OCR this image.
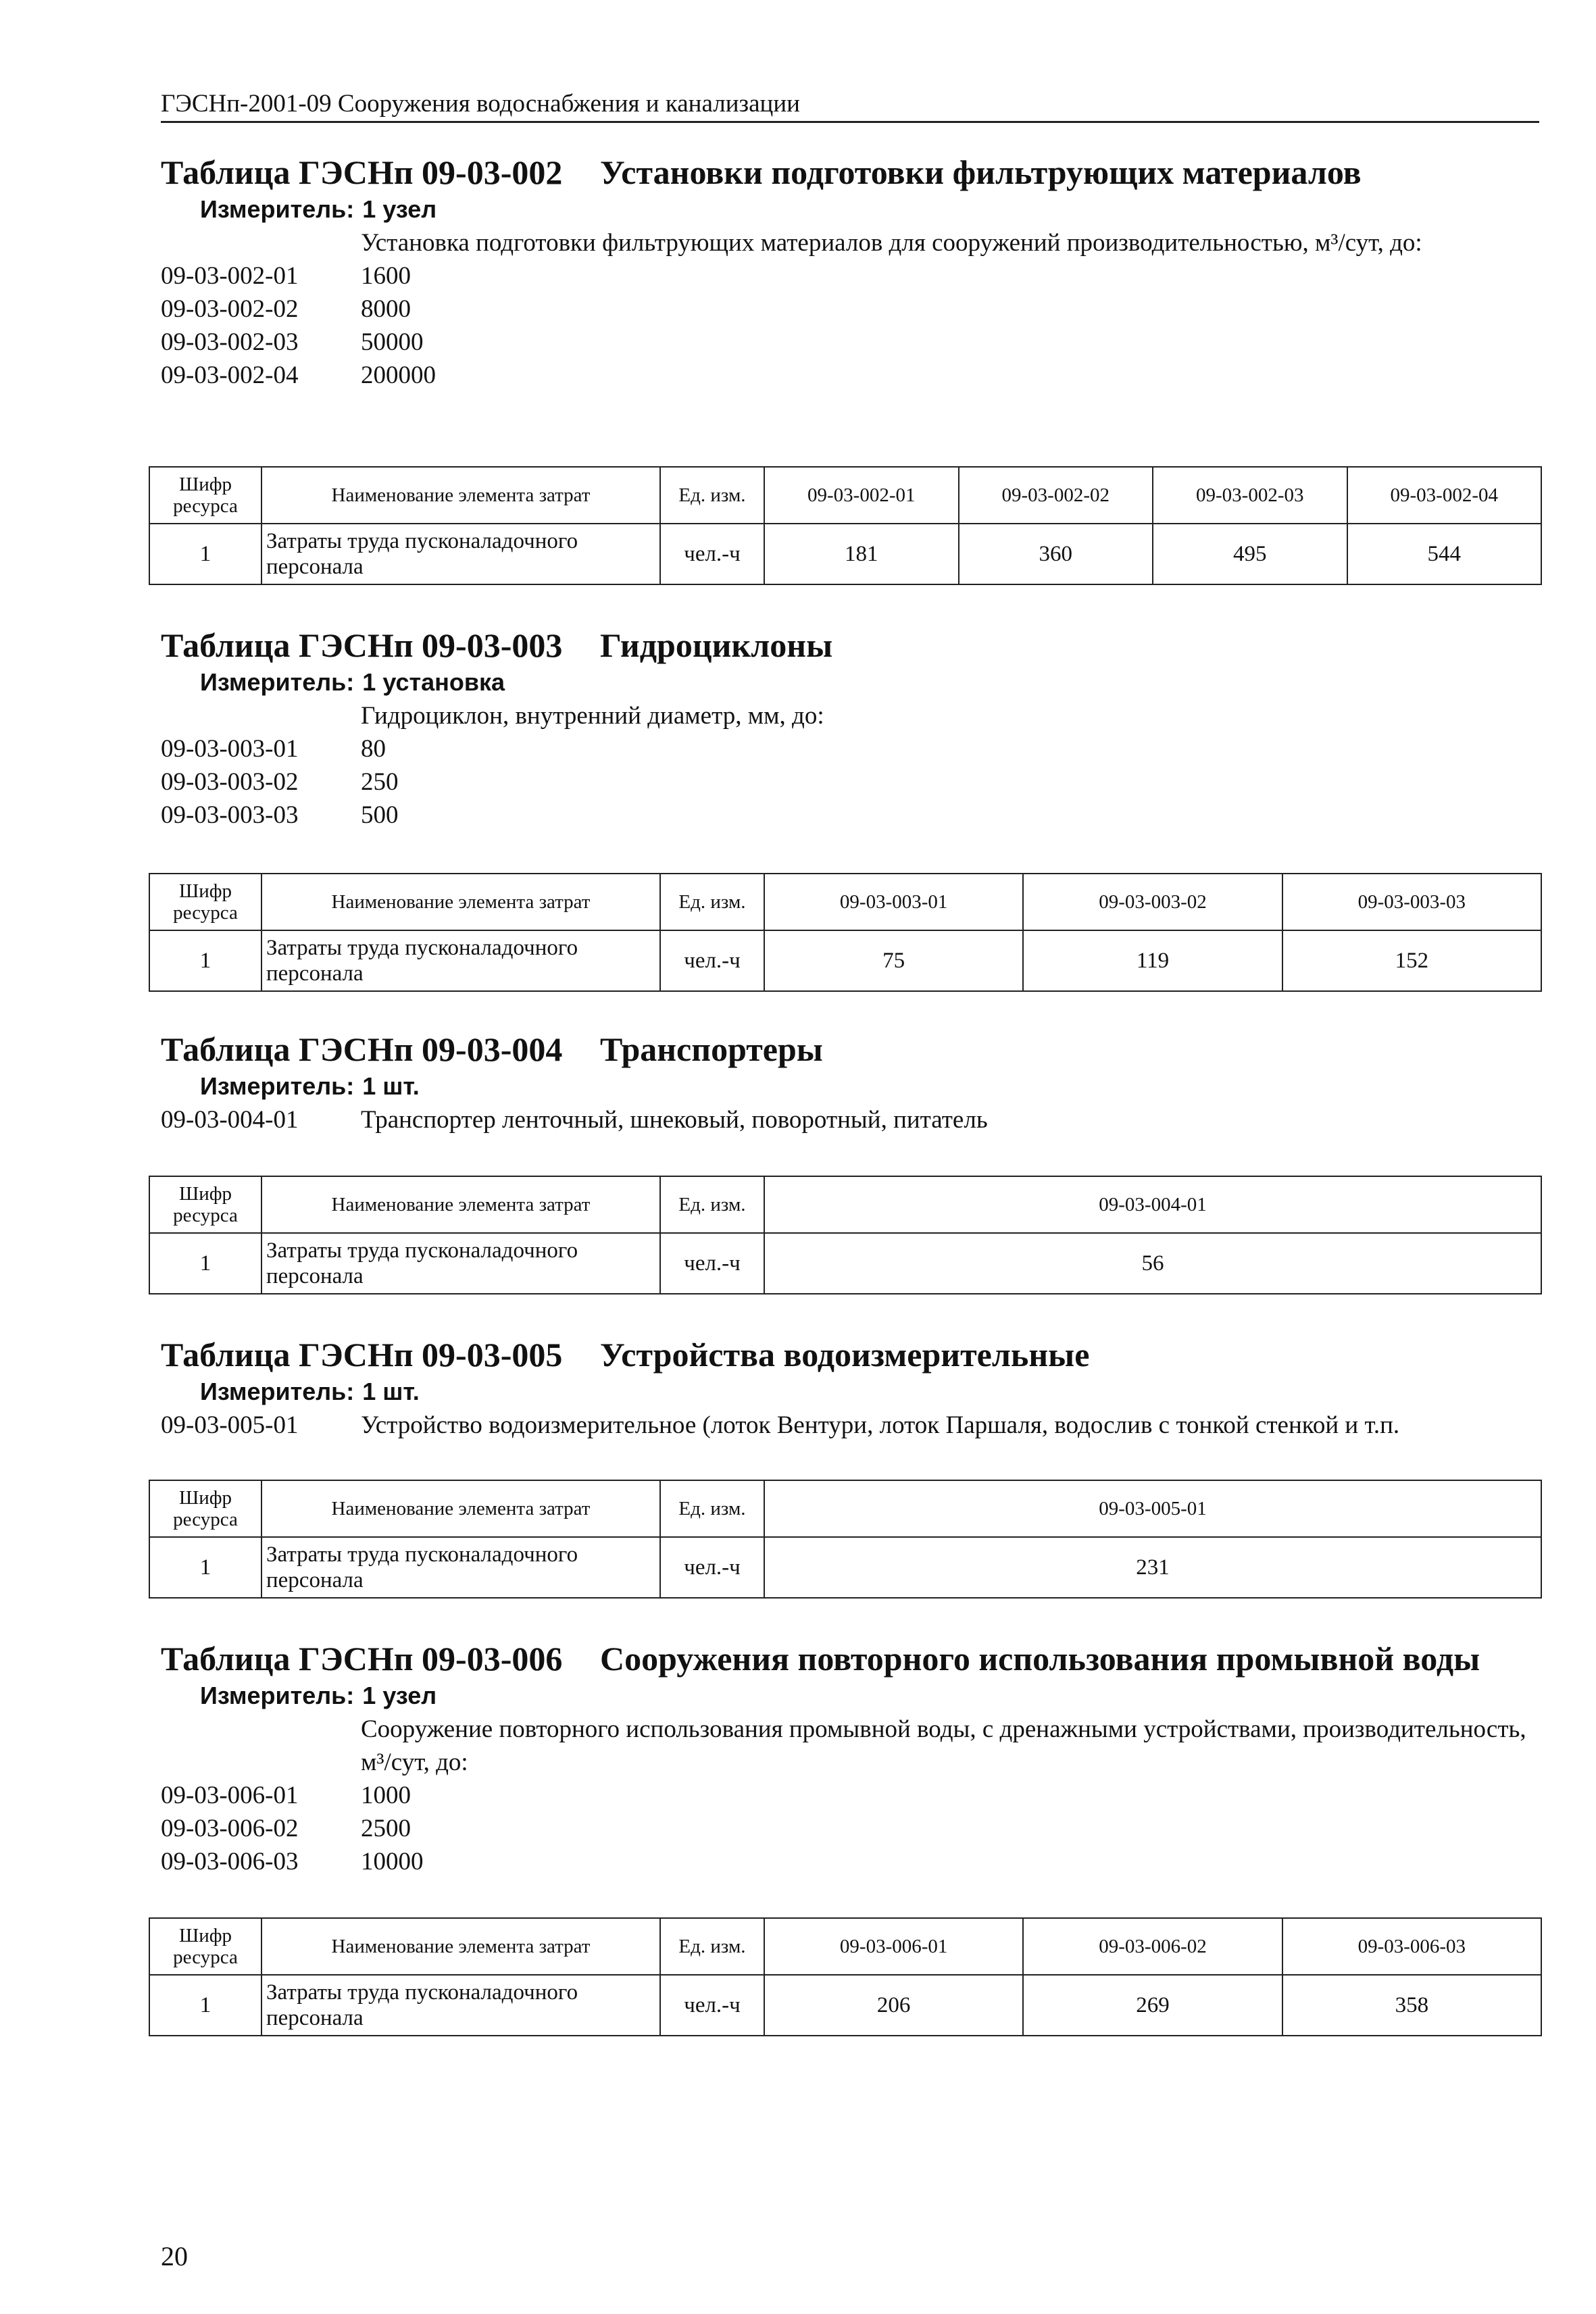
ГЭСНп-2001-09 Сооружения водоснабжения и канализации
Таблица ГЭСНп 09-03-002 Установки подготовки фильтрующих материалов
Измеритель: 1 узел
Установка подготовки фильтрующих материалов для сооружений производительностью, м³/сут, до:
09-03-002-01	1600
09-03-002-02	8000
09-03-002-03	50000
09-03-002-04	200000
Шифр ресурса	Наименование элемента затрат	Ед. изм.	09-03-002-01	09-03-002-02	09-03-002-03	09-03-002-04
1	Затраты труда пусконаладочного персонала	чел.-ч	181	360	495	544
Таблица ГЭСНп 09-03-003 Гидроциклоны
Измеритель: 1 установка
Гидроциклон, внутренний диаметр, мм, до:
09-03-003-01	80
09-03-003-02	250
09-03-003-03	500
Шифр ресурса	Наименование элемента затрат	Ед. изм.	09-03-003-01	09-03-003-02	09-03-003-03
1	Затраты труда пусконаладочного персонала	чел.-ч	75	119	152
Таблица ГЭСНп 09-03-004 Транспортеры
Измеритель: 1 шт.
09-03-004-01	Транспортер ленточный, шнековый, поворотный, питатель
Шифр ресурса	Наименование элемента затрат	Ед. изм.	09-03-004-01
1	Затраты труда пусконаладочного персонала	чел.-ч	56
Таблица ГЭСНп 09-03-005 Устройства водоизмерительные
Измеритель: 1 шт.
09-03-005-01	Устройство водоизмерительное (лоток Вентури, лоток Паршаля, водослив с тонкой стенкой и т.п.
Шифр ресурса	Наименование элемента затрат	Ед. изм.	09-03-005-01
1	Затраты труда пусконаладочного персонала	чел.-ч	231
Таблица ГЭСНп 09-03-006 Сооружения повторного использования промывной воды
Измеритель: 1 узел
Сооружение повторного использования промывной воды, с дренажными устройствами, производительность, м³/сут, до:
09-03-006-01	1000
09-03-006-02	2500
09-03-006-03	10000
Шифр ресурса	Наименование элемента затрат	Ед. изм.	09-03-006-01	09-03-006-02	09-03-006-03
1	Затраты труда пусконаладочного персонала	чел.-ч	206	269	358
20
